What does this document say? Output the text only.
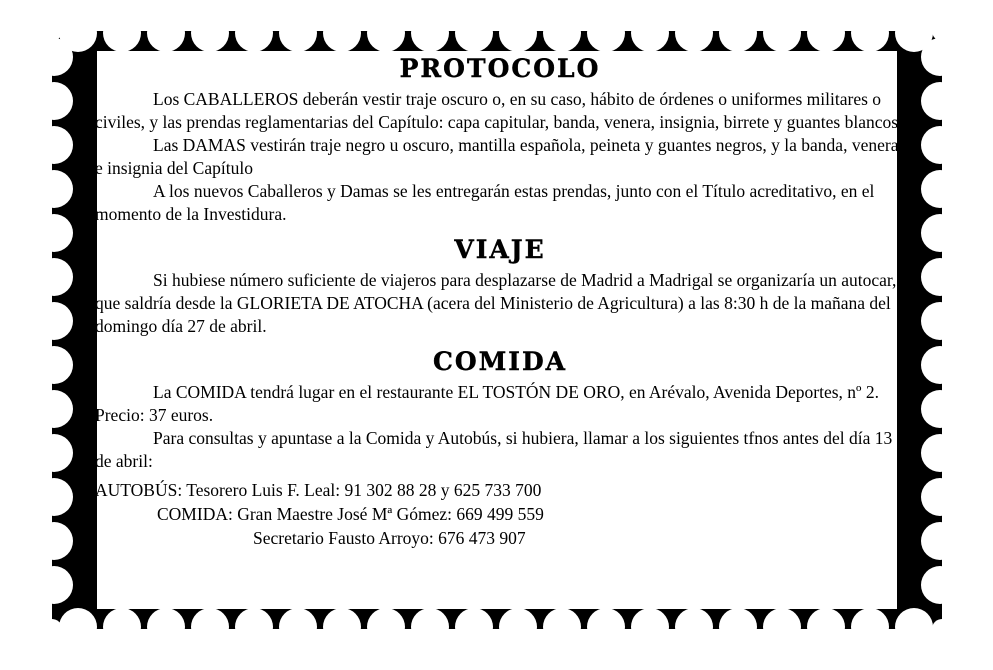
PROTOCOLO

Los CABALLEROS deberán vestir traje oscuro o, en su caso, hábito de órdenes o uniformes militares o civiles, y las prendas reglamentarias del Capítulo: capa capitular, banda, venera, insignia, birrete y guantes blancos.

Las DAMAS vestirán traje negro u oscuro, mantilla española, peineta y guantes negros, y la banda, venera e insignia del Capítulo

A los nuevos Caballeros y Damas se les entregarán estas prendas, junto con el Título acreditativo, en el momento de la Investidura.

VIAJE

Si hubiese número suficiente de viajeros para desplazarse de Madrid a Madrigal se organizaría un autocar, que saldría desde la GLORIETA DE ATOCHA (acera del Ministerio de Agricultura) a las 8:30 h de la mañana del domingo día 27 de abril.

COMIDA

La COMIDA tendrá lugar en el restaurante EL TOSTÓN DE ORO, en Arévalo, Avenida Deportes, nº 2. Precio: 37 euros.

Para consultas y apuntase a la Comida y Autobús, si hubiera, llamar a los siguientes tfnos antes del día 13 de abril:

AUTOBÚS: Tesorero Luis F. Leal: 91 302 88 28 y 625 733 700

COMIDA: Gran Maestre José Mª Gómez: 669 499 559

Secretario Fausto Arroyo: 676 473 907
